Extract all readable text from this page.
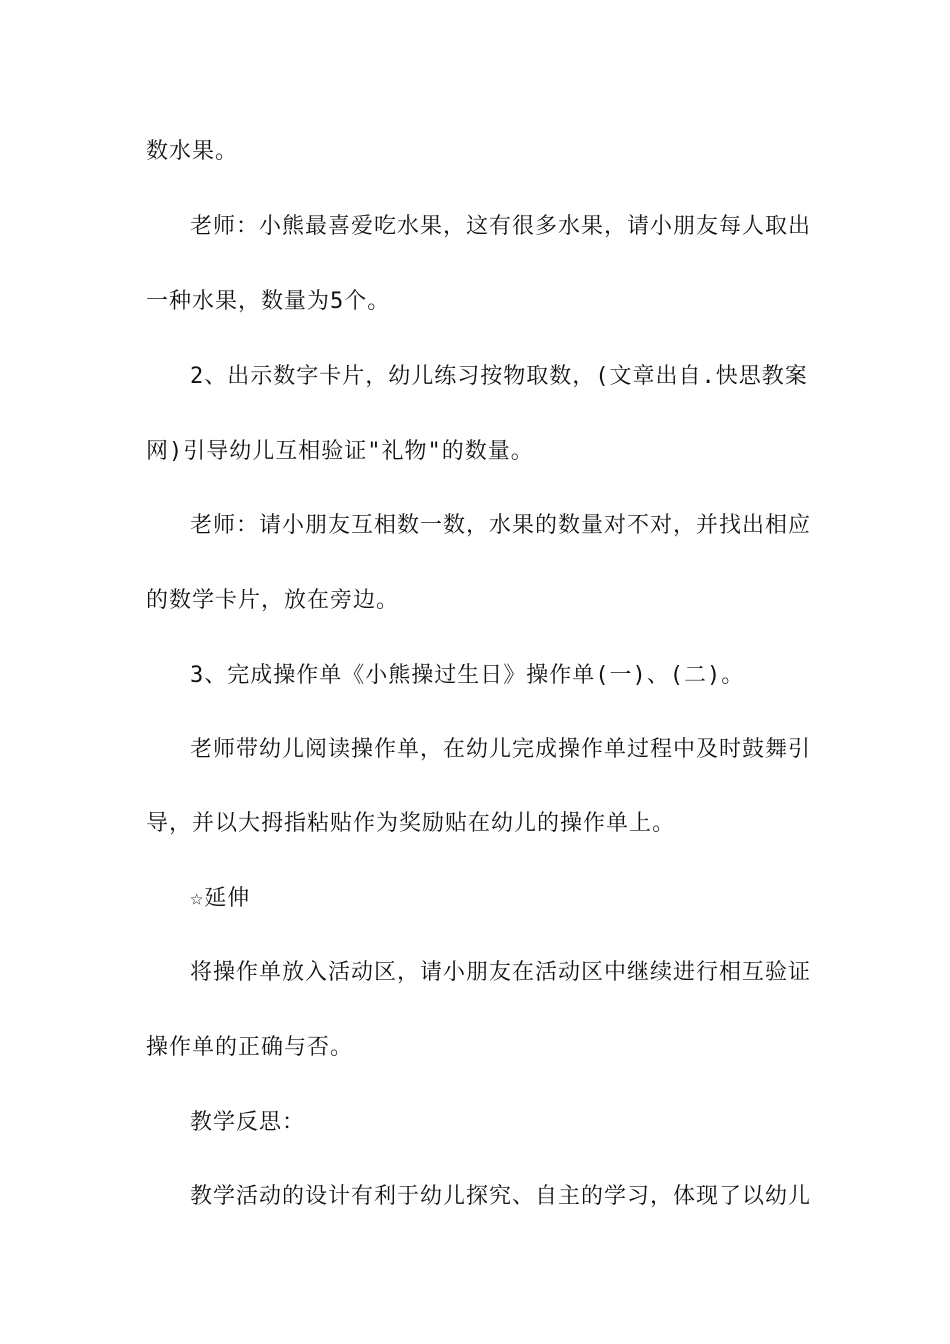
数水果。
老师：小熊最喜爱吃水果，这有很多水果，请小朋友每人取出
一种水果，数量为5个。
2、出示数字卡片，幼儿练习按物取数，(文章出自.快思教案
网)引导幼儿互相验证"礼物"的数量。
老师：请小朋友互相数一数，水果的数量对不对，并找出相应
的数学卡片，放在旁边。
3、完成操作单《小熊操过生日》操作单(一)、(二)。
老师带幼儿阅读操作单，在幼儿完成操作单过程中及时鼓舞引
导，并以大拇指粘贴作为奖励贴在幼儿的操作单上。
☆延伸
将操作单放入活动区，请小朋友在活动区中继续进行相互验证
操作单的正确与否。
教学反思：
教学活动的设计有利于幼儿探究、自主的学习，体现了以幼儿
